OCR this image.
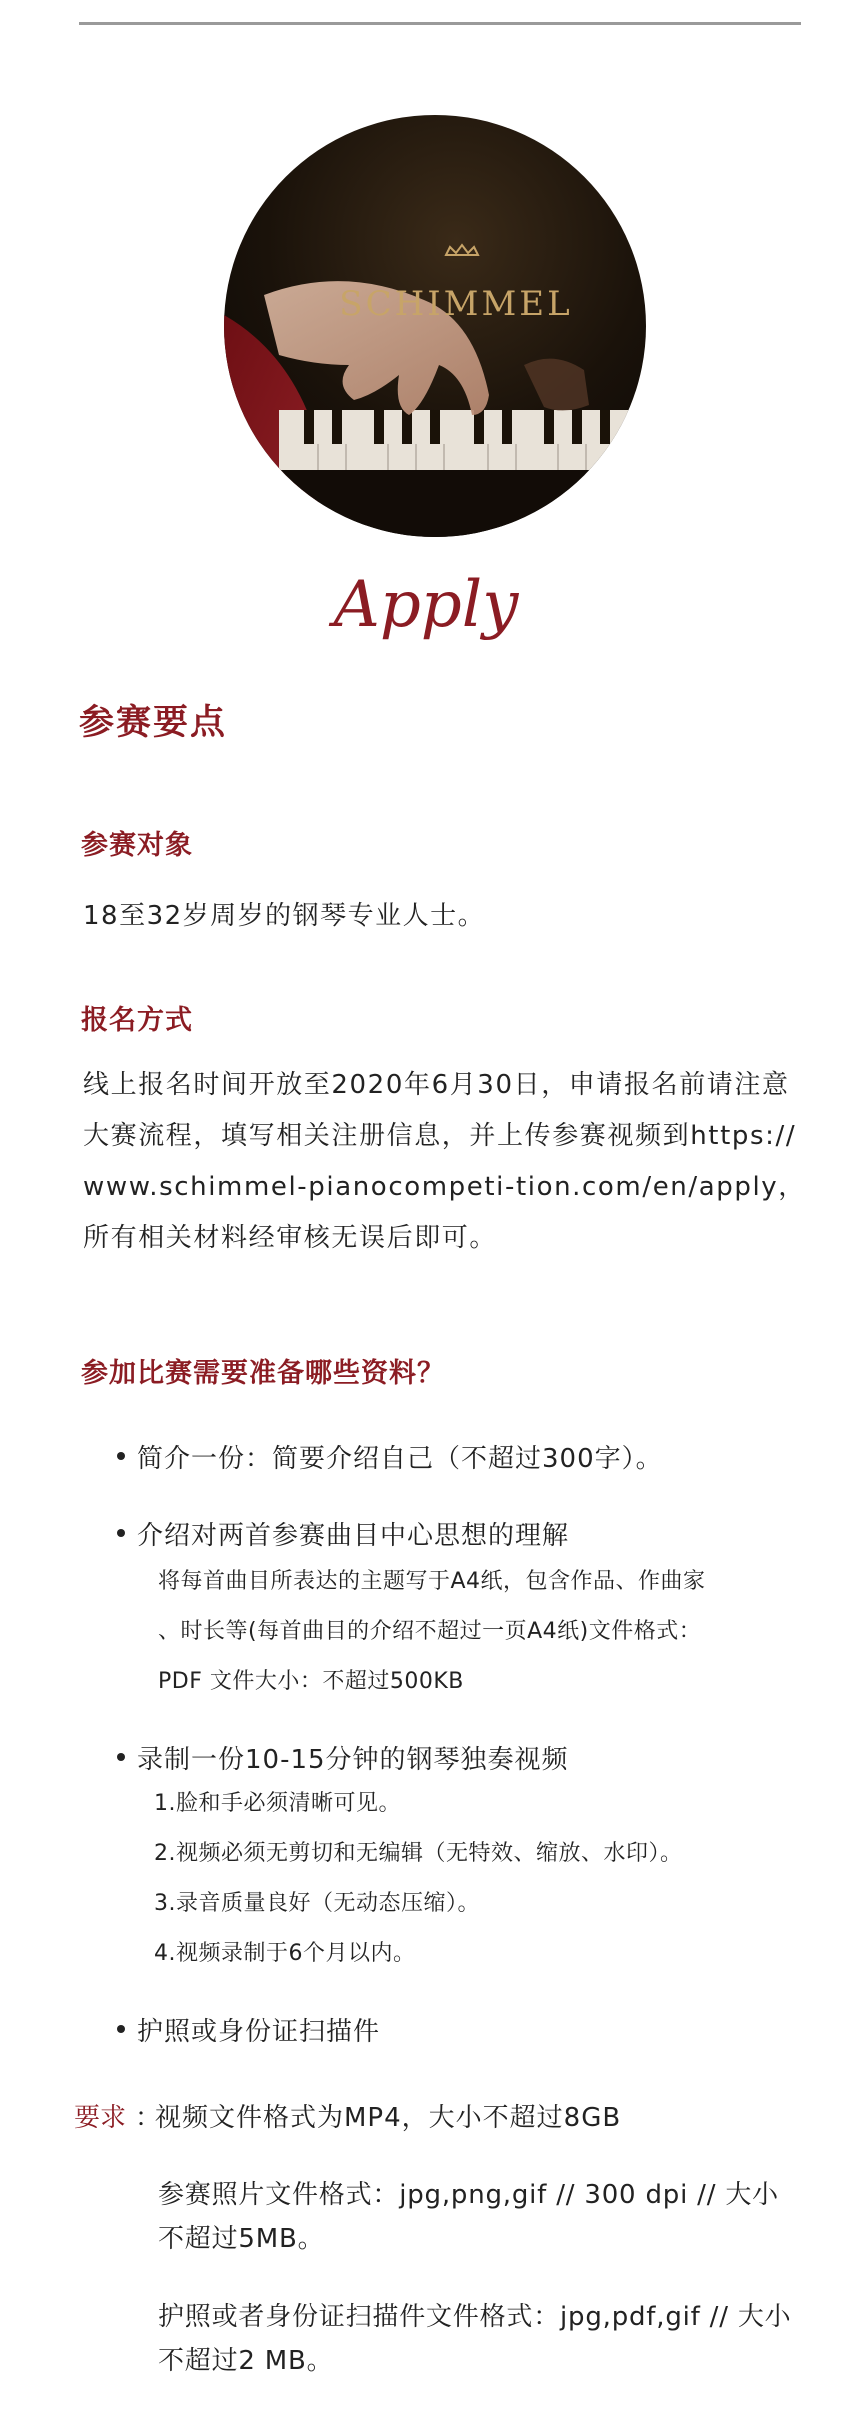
SCHIMMEL
Apply
参赛要点
参赛对象

18至32岁周岁的钢琴专业人士。

报名方式

线上报名时间开放至2020年6月30日，申请报名前请注意大赛流程，填写相关注册信息，并上传参赛视频到https://www.schimmel-pianocompeti-tion.com/en/apply，所有相关材料经审核无误后即可。

参加比赛需要准备哪些资料？

简介一份：简要介绍自己（不超过300字）。

介绍对两首参赛曲目中心思想的理解

将每首曲目所表达的主题写于A4纸，包含作品、作曲家

、时长等(每首曲目的介绍不超过一页A4纸)文件格式：

PDF 文件大小：不超过500KB

录制一份10-15分钟的钢琴独奏视频

1.脸和手必须清晰可见。

2.视频必须无剪切和无编辑（无特效、缩放、水印）。

3.录音质量良好（无动态压缩）。

4.视频录制于6个月以内。

护照或身份证扫描件

要求 ：

视频文件格式为MP4，大小不超过8GB

参赛照片文件格式：jpg,png,gif // 300 dpi // 大小不超过5MB。

护照或者身份证扫描件文件格式：jpg,pdf,gif // 大小不超过2 MB。
